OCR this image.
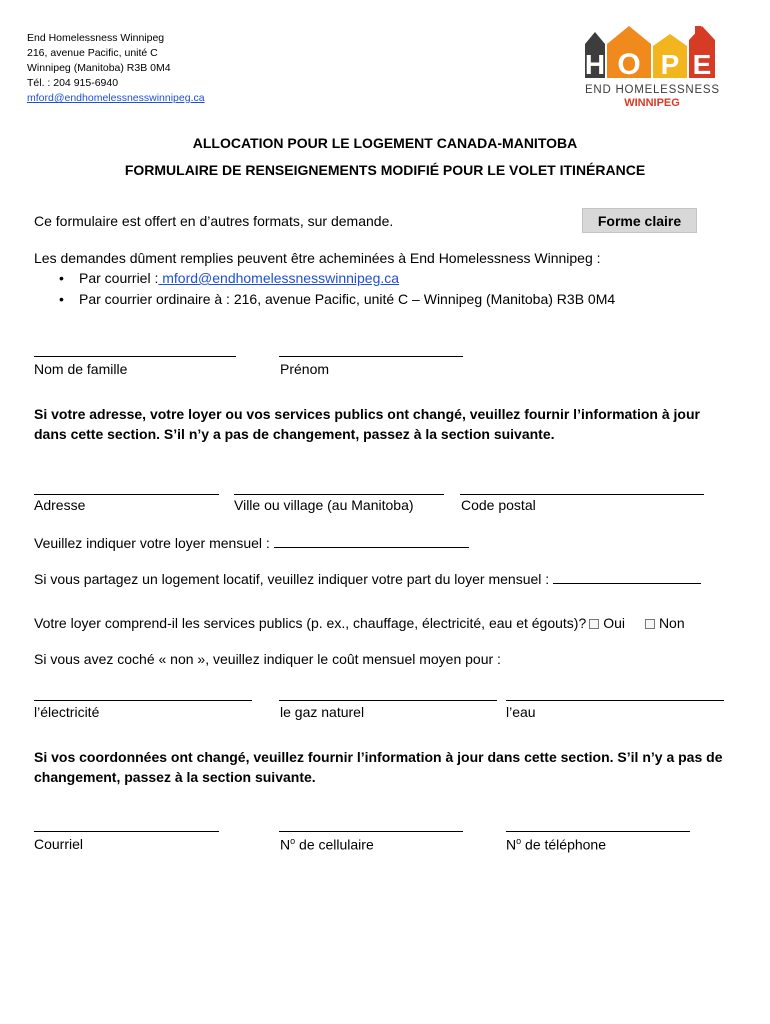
End Homelessness Winnipeg
216, avenue Pacific, unité C
Winnipeg (Manitoba) R3B 0M4
Tél. : 204 915-6940
mford@endhomelessnesswinnipeg.ca
H O P E
END HOMELESSNESS
WINNIPEG
ALLOCATION POUR LE LOGEMENT CANADA-MANITOBA
FORMULAIRE DE RENSEIGNEMENTS MODIFIÉ POUR LE VOLET ITINÉRANCE
Ce formulaire est offert en d’autres formats, sur demande.	Forme claire
Les demandes dûment remplies peuvent être acheminées à End Homelessness Winnipeg :
• Par courriel : mford@endhomelessnesswinnipeg.ca
• Par courrier ordinaire à : 216, avenue Pacific, unité C – Winnipeg (Manitoba) R3B 0M4
Nom de famille	Prénom
Si votre adresse, votre loyer ou vos services publics ont changé, veuillez fournir l’information à jour dans cette section. S’il n’y a pas de changement, passez à la section suivante.
Adresse	Ville ou village (au Manitoba)	Code postal
Veuillez indiquer votre loyer mensuel :
Si vous partagez un logement locatif, veuillez indiquer votre part du loyer mensuel :
Votre loyer comprend-il les services publics (p. ex., chauffage, électricité, eau et égouts)? Oui Non
Si vous avez coché « non », veuillez indiquer le coût mensuel moyen pour :
l’électricité	le gaz naturel	l’eau
Si vos coordonnées ont changé, veuillez fournir l’information à jour dans cette section. S’il n’y a pas de changement, passez à la section suivante.
Courriel	$N^o$ de cellulaire	$N^o$ de téléphone
